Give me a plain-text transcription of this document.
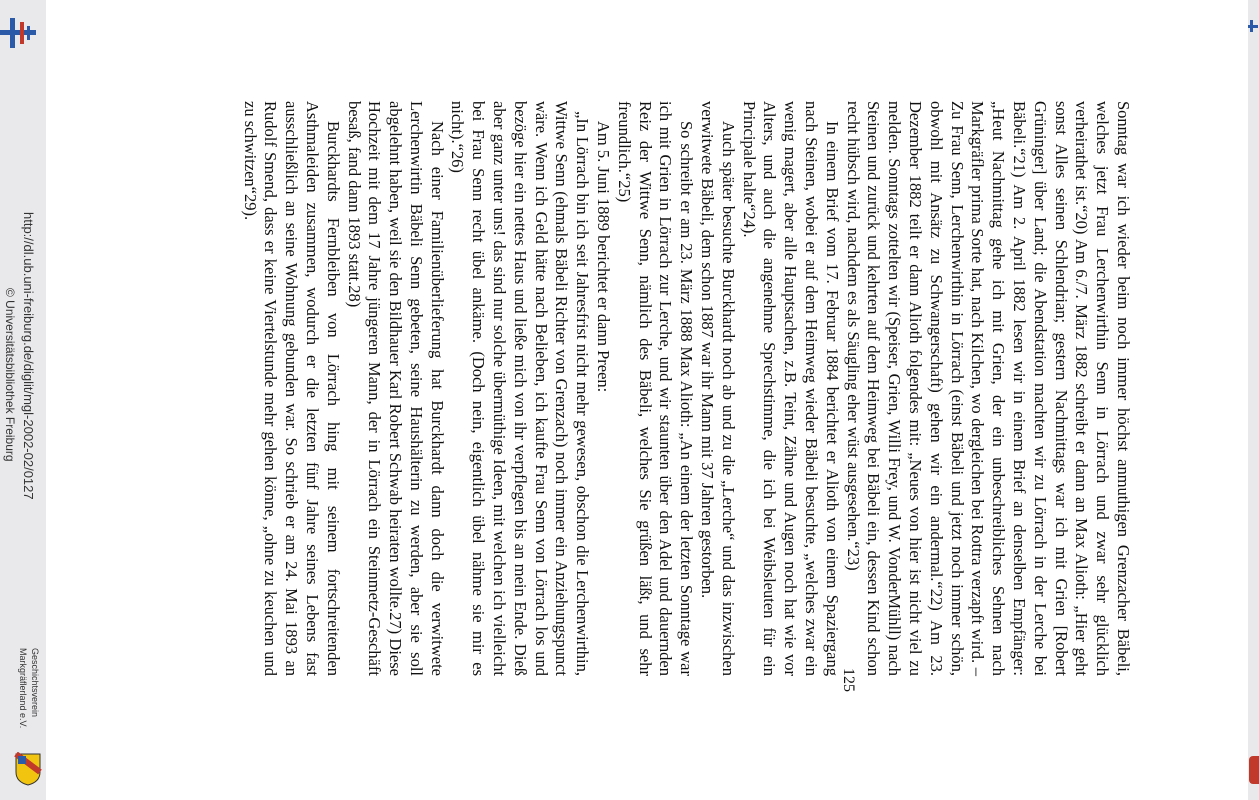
http://dl.ub.uni-freiburg.de/diglit/mgl-2002-02/0127
© Universitätsbibliothek Freiburg
Geschichtsverein
Markgräflerland e.V.

Sonntag war ich wieder beim noch immer höchst anmuthigen Grenzacher Bäbeli, welches jetzt Frau Lerchenwirthin Senn in Lörrach und zwar sehr glücklich verheirathet ist.“20) Am 6./7. März 1882 schreibt er dann an Max Alioth: „Hier geht sonst Alles seinen Schlendrian; gestern Nachmittags war ich mit Grien [Robert Grüninger] über Land; die Abendstation machten wir zu Lörrach in der Lerche bei Bäbeli.“21) Am 2. April 1882 lesen wir in einem Brief an denselben Empfänger: „Heut Nachmittag gehe ich mit Grien, der ein unbeschreibliches Sehnen nach Markgräfler prima Sorte hat, nach Kilchen, wo dergleichen bei Rottra verzapft wird. – Zu Frau Senn, Lerchenwirthin in Lörrach (einst Bäbeli und jetzt noch immer schön, obwohl mit Ansätz zu Schwangerschaft) gehen wir ein andermal.“22) Am 23. Dezember 1882 teilt er dann Alioth folgendes mit: „Neues von hier ist nicht viel zu melden. Sonntags zottelten wir (Speiser, Grien, Willi Frey, und W. VonderMühll) nach Steinen und zurück und kehrten auf dem Heimweg bei Bäbeli ein, dessen Kind schon recht hübsch wird, nachdem es als Säugling eher wüst ausgesehen.“23)

In einem Brief vom 17. Februar 1884 berichtet er Alioth von einem Spaziergang nach Steinen, wobei er auf dem Heimweg wieder Bäbeli besuchte, „welches zwar ein wenig magert, aber alle Hauptsachen, z.B. Teint, Zähne und Augen noch hat wie vor Alters, und auch die angenehme Sprechstimme, die ich bei Weibsleuten für ein Principale halte“24).

Auch später besuchte Burckhardt noch ab und zu die „Lerche“ und das inzwischen verwitwete Bäbeli, dem schon 1887 war ihr Mann mit 37 Jahren gestorben.

So schreibt er am 23. März 1888 Max Alioth: „An einem der letzten Sonntage war ich mit Grien in Lörrach zur Lerche, und wir staunten über den Adel und dauernden Reiz der Wittwe Senn, nämlich des Bäbeli, welches Sie grüßen läßt, und sehr freundlich.“25)

Am 5. Juni 1889 berichtet er dann Preen:

„In Lörrach bin ich seit Jahresfrist nicht mehr gewesen, obschon die Lerchenwirthin, Wittwe Senn (ehmals Bäbeli Richter von Grenzach) noch immer ein Anziehungspunct wäre. Wenn ich Geld hätte nach Belieben, ich kaufte Frau Senn von Lörrach los und bezöge hier ein nettes Haus und ließe mich von ihr verpflegen bis an mein Ende. Dieß aber ganz unter uns! das sind nur solche übermüthige Ideen, mit welchen ich vielleicht bei Frau Senn recht übel ankäme. (Doch nein, eigentlich übel nähme sie mir es nicht).“26)

Nach einer Familienüberlieferung hat Burckhardt dann doch die verwitwete Lerchenwirtin Bäbeli Senn gebeten, seine Haushälterin zu werden, aber sie soll abgelehnt haben, weil sie den Bildhauer Karl Robert Schwab heiraten wollte.27) Diese Hochzeit mit dem 17 Jahre jüngeren Mann, der in Lörrach ein Steinmetz-Geschäft besaß, fand dann 1893 statt.28)

Burckhardts Fernbleiben von Lörrach hing mit seinem fortschreitenden Asthmaleiden zusammen, wodurch er die letzten fünf Jahre seines Lebens fast ausschließlich an seine Wohnung gebunden war. So schrieb er am 24. Mai 1893 an Rudolf Smend, dass er keine Viertelstunde mehr gehen könne, „ohne zu keuchen und zu schwitzen“29).

125
